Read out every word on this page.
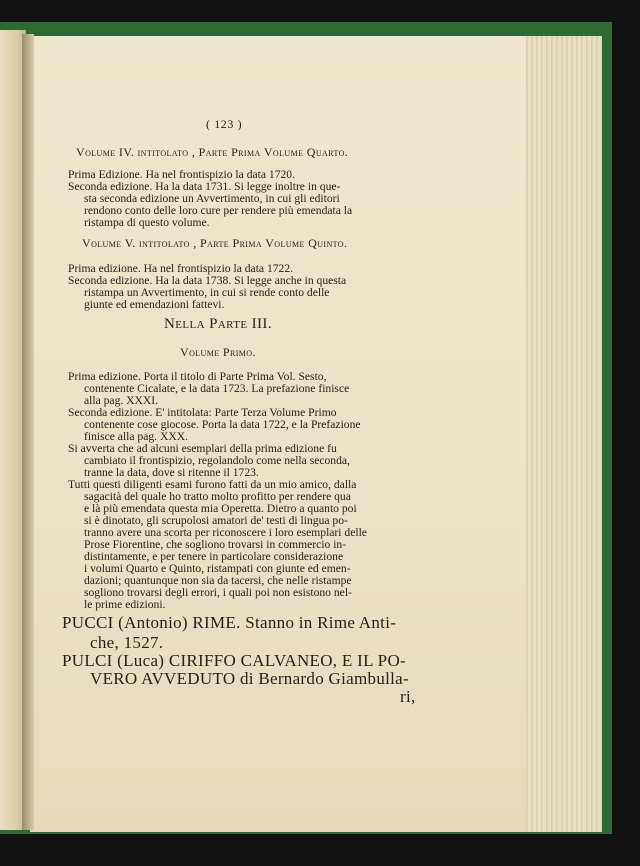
( 123 )
Volume IV. intitolato , Parte Prima Volume Quarto.
Prima Edizione. Ha nel frontispizio la data 1720.
Seconda edizione. Ha la data 1731. Si legge inoltre in que-
sta seconda edizione un Avvertimento, in cui gli editori
rendono conto delle loro cure per rendere più emendata la
ristampa di questo volume.
Volume V. intitolato , Parte Prima Volume Quinto.
Prima edizione. Ha nel frontispizio la data 1722.
Seconda edizione. Ha la data 1738. Si legge anche in questa
ristampa un Avvertimento, in cui si rende conto delle
giunte ed emendazioni fattevi.
Nella Parte III.
Volume Primo.
Prima edizione. Porta il titolo di Parte Prima Vol. Sesto,
contenente Cicalate, e la data 1723. La prefazione finisce
alla pag. XXXI.
Seconda edizione. E' intitolata: Parte Terza Volume Primo
contenente cose giocose. Porta la data 1722, e la Prefazione
finisce alla pag. XXX.
Si avverta che ad alcuni esemplari della prima edizione fu
cambiato il frontispizio, regolandolo come nella seconda,
tranne la data, dove si ritenne il 1723.
Tutti questi diligenti esami furono fatti da un mio amico, dalla
sagacità del quale ho tratto molto profitto per rendere qua
e là più emendata questa mia Operetta. Dietro a quanto poi
si è dinotato, gli scrupolosi amatori de' testi di lingua po-
tranno avere una scorta per riconoscere i loro esemplari delle
Prose Fiorentine, che sogliono trovarsi in commercio in-
distintamente, e per tenere in particolare considerazione
i volumi Quarto e Quinto, ristampati con giunte ed emen-
dazioni; quantunque non sia da tacersi, che nelle ristampe
sogliono trovarsi degli errori, i quali poi non esistono nel-
le prime edizioni.
PUCCI (Antonio) RIME. Stanno in Rime Anti-
che, 1527.
PULCI (Luca) CIRIFFO CALVANEO, E IL PO-
VERO AVVEDUTO di Bernardo Giambulla-
ri,
